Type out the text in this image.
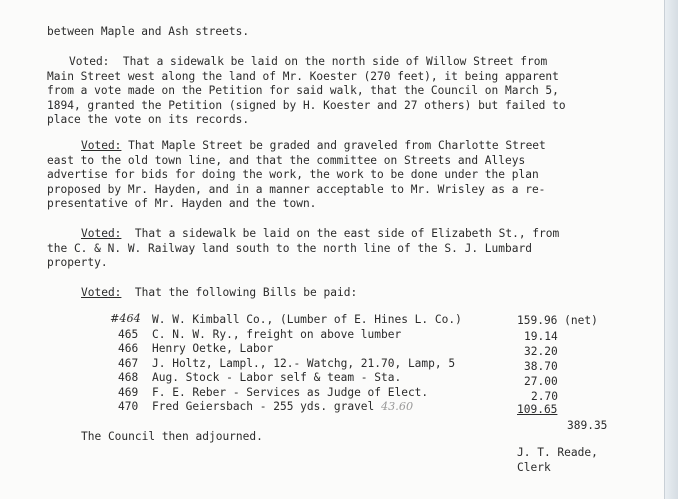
between Maple and Ash streets.
Voted: That a sidewalk be laid on the north side of Willow Street from
Main Street west along the land of Mr. Koester (270 feet), it being apparent
from a vote made on the Petition for said walk, that the Council on March 5,
1894, granted the Petition (signed by H. Koester and 27 others) but failed to
place the vote on its records.
Voted: That Maple Street be graded and graveled from Charlotte Street
east to the old town line, and that the committee on Streets and Alleys
advertise for bids for doing the work, the work to be done under the plan
proposed by Mr. Hayden, and in a manner acceptable to Mr. Wrisley as a re-
presentative of Mr. Hayden and the town.
Voted: That a sidewalk be laid on the east side of Elizabeth St., from
the C. & N. W. Railway land south to the north line of the S. J. Lumbard
property.
Voted: That the following Bills be paid:
#464 W. W. Kimball Co., (Lumber of E. Hines L. Co.)	159.96 (net)
465 C. N. W. Ry., freight on above lumber	19.14
466 Henry Oetke, Labor	32.20
467 J. Holtz, Lampl., 12.- Watchg, 21.70, Lamp, 5	38.70
468 Aug. Stock - Labor self & team - Sta.	27.00
469 F. E. Reber - Services as Judge of Elect.	2.70
470 Fred Geiersbach - 255 yds. gravel 43.60	109.65
389.35
The Council then adjourned.
J. T. Reade,
Clerk
